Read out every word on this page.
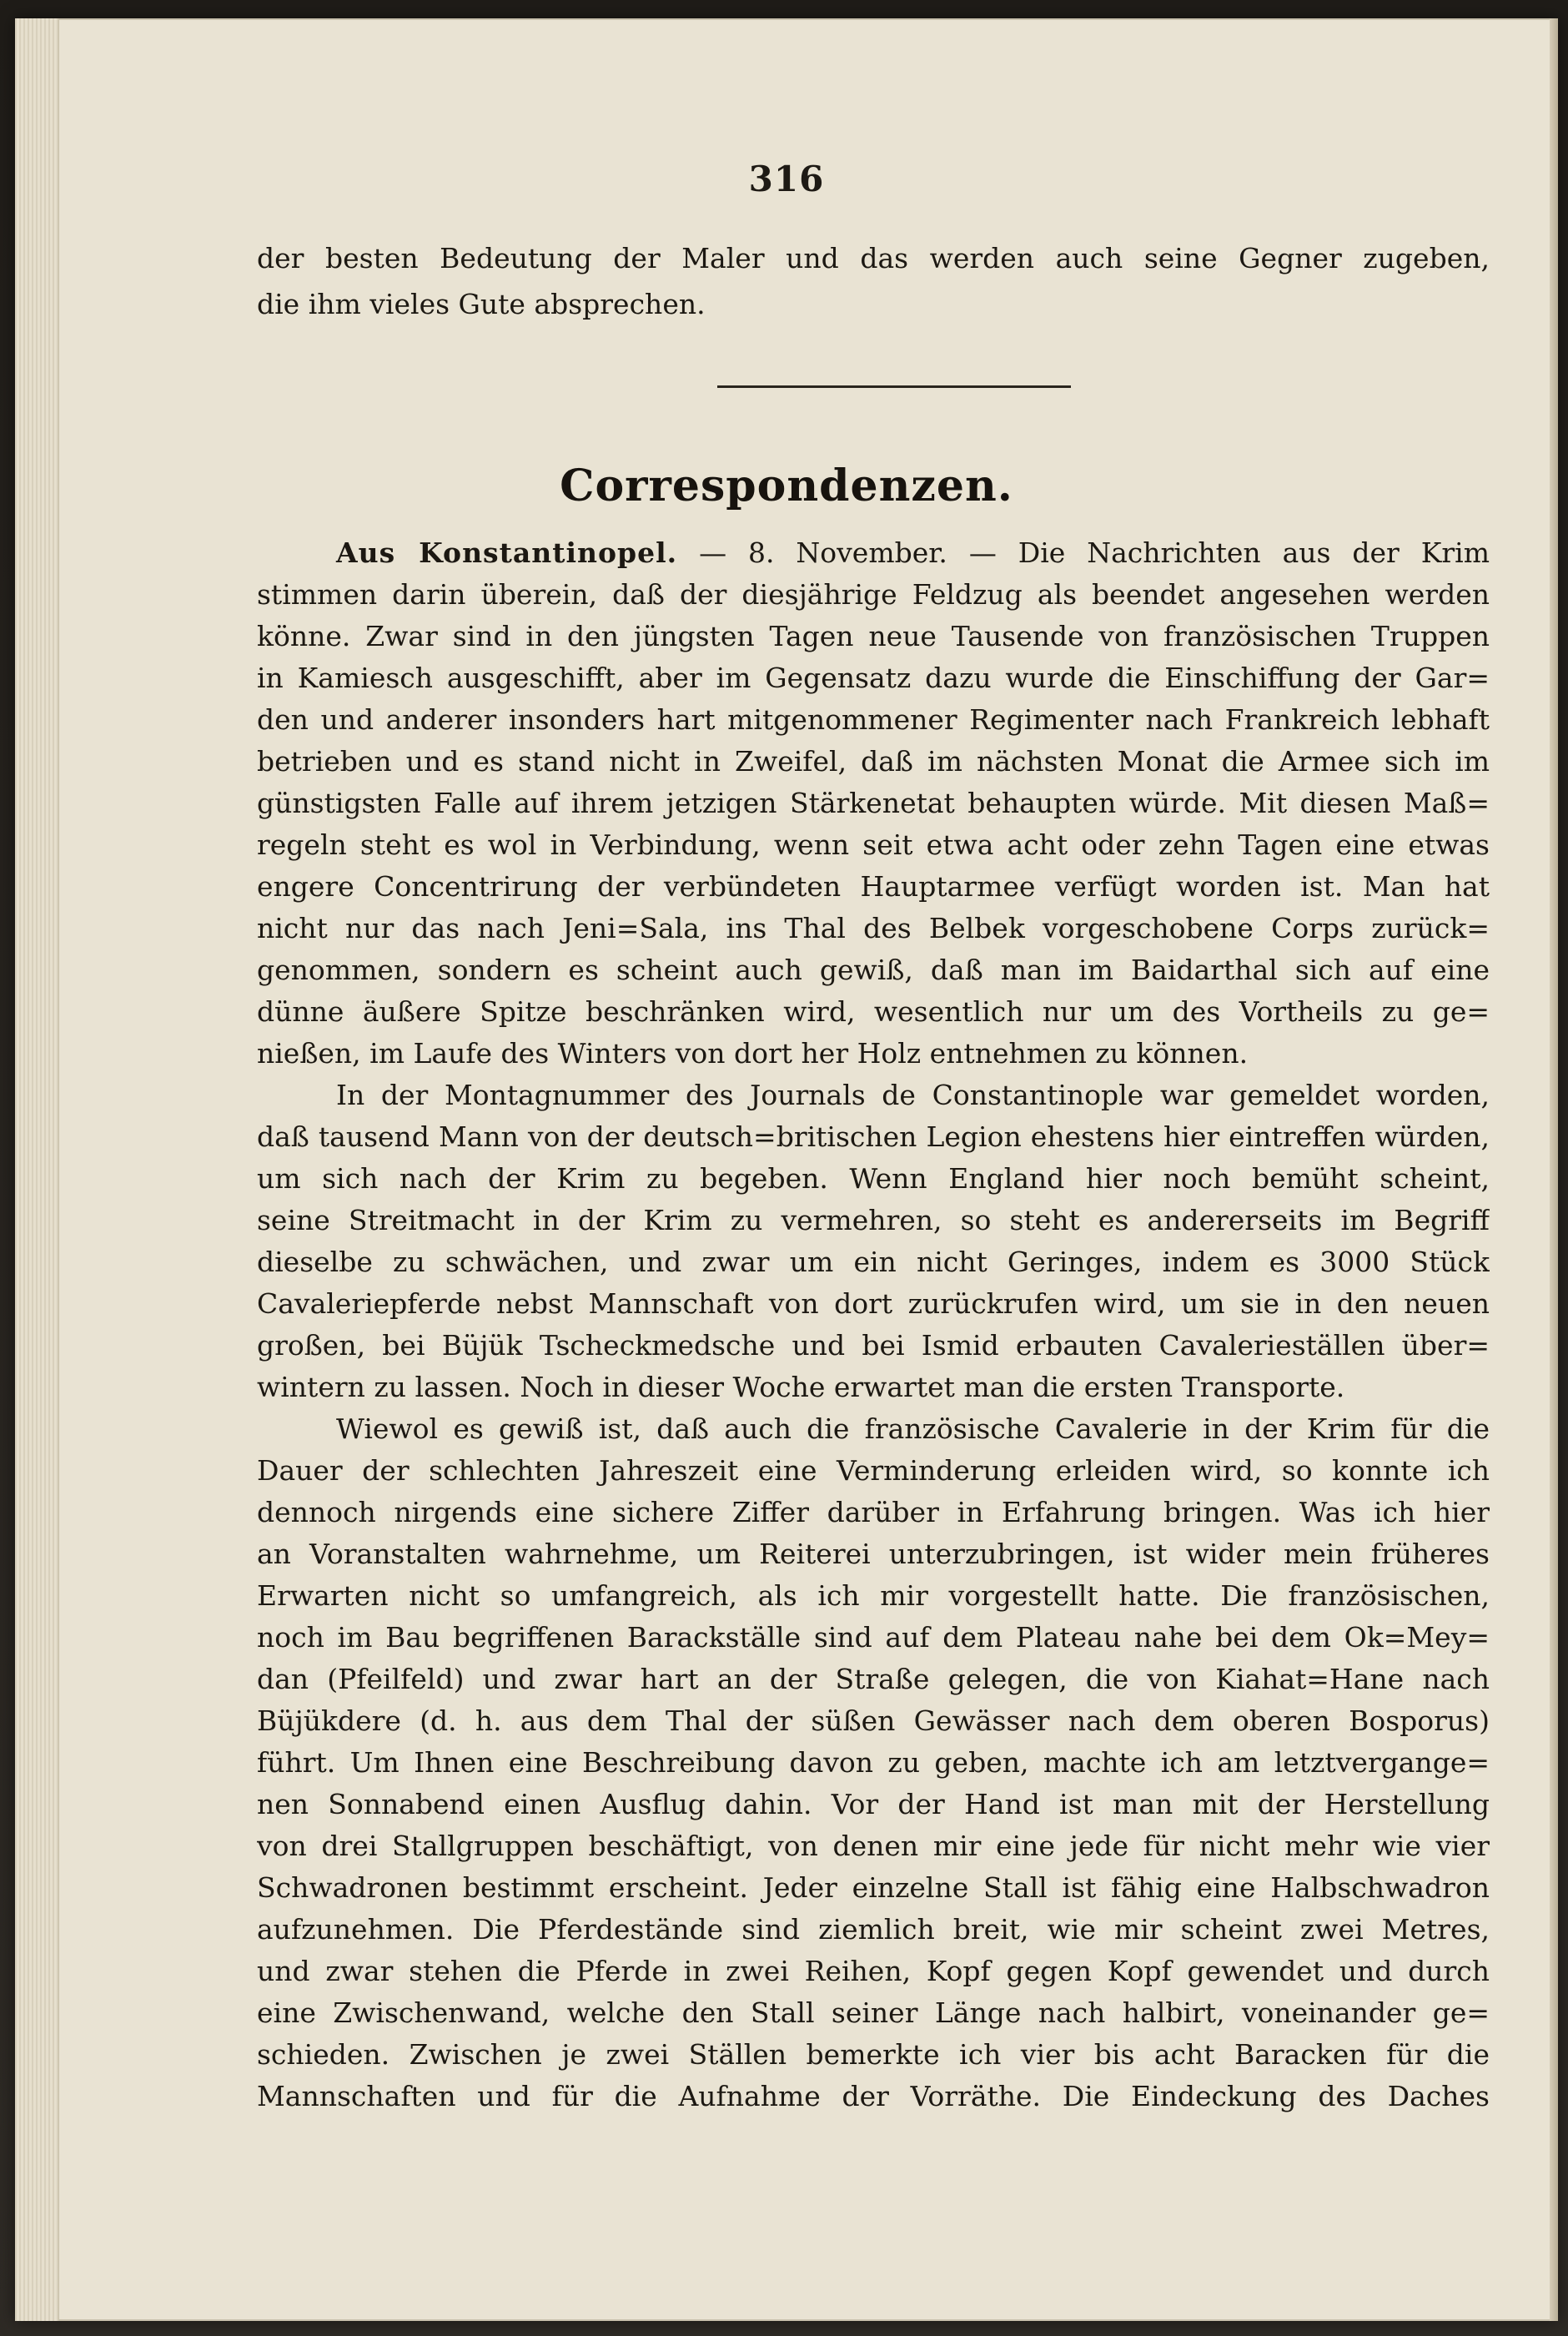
316
der besten Bedeutung der Maler und das werden auch seine Gegner zugeben,
die ihm vieles Gute absprechen.
Correspondenzen.
Aus Konstantinopel. — 8. November. — Die Nachrichten aus der Krim
stimmen darin überein, daß der diesjährige Feldzug als beendet angesehen werden
könne. Zwar sind in den jüngsten Tagen neue Tausende von französischen Truppen
in Kamiesch ausgeschifft, aber im Gegensatz dazu wurde die Einschiffung der Gar=
den und anderer insonders hart mitgenommener Regimenter nach Frankreich lebhaft
betrieben und es stand nicht in Zweifel, daß im nächsten Monat die Armee sich im
günstigsten Falle auf ihrem jetzigen Stärkenetat behaupten würde. Mit diesen Maß=
regeln steht es wol in Verbindung, wenn seit etwa acht oder zehn Tagen eine etwas
engere Concentrirung der verbündeten Hauptarmee verfügt worden ist. Man hat
nicht nur das nach Jeni=Sala, ins Thal des Belbek vorgeschobene Corps zurück=
genommen, sondern es scheint auch gewiß, daß man im Baidarthal sich auf eine
dünne äußere Spitze beschränken wird, wesentlich nur um des Vortheils zu ge=
nießen, im Laufe des Winters von dort her Holz entnehmen zu können.
In der Montagnummer des Journals de Constantinople war gemeldet worden,
daß tausend Mann von der deutsch=britischen Legion ehestens hier eintreffen würden,
um sich nach der Krim zu begeben. Wenn England hier noch bemüht scheint,
seine Streitmacht in der Krim zu vermehren, so steht es andererseits im Begriff
dieselbe zu schwächen, und zwar um ein nicht Geringes, indem es 3000 Stück
Cavaleriepferde nebst Mannschaft von dort zurückrufen wird, um sie in den neuen
großen, bei Büjük Tscheckmedsche und bei Ismid erbauten Cavalerieställen über=
wintern zu lassen. Noch in dieser Woche erwartet man die ersten Transporte.
Wiewol es gewiß ist, daß auch die französische Cavalerie in der Krim für die
Dauer der schlechten Jahreszeit eine Verminderung erleiden wird, so konnte ich
dennoch nirgends eine sichere Ziffer darüber in Erfahrung bringen. Was ich hier
an Voranstalten wahrnehme, um Reiterei unterzubringen, ist wider mein früheres
Erwarten nicht so umfangreich, als ich mir vorgestellt hatte. Die französischen,
noch im Bau begriffenen Barackställe sind auf dem Plateau nahe bei dem Ok=Mey=
dan (Pfeilfeld) und zwar hart an der Straße gelegen, die von Kiahat=Hane nach
Büjükdere (d. h. aus dem Thal der süßen Gewässer nach dem oberen Bosporus)
führt. Um Ihnen eine Beschreibung davon zu geben, machte ich am letztvergange=
nen Sonnabend einen Ausflug dahin. Vor der Hand ist man mit der Herstellung
von drei Stallgruppen beschäftigt, von denen mir eine jede für nicht mehr wie vier
Schwadronen bestimmt erscheint. Jeder einzelne Stall ist fähig eine Halbschwadron
aufzunehmen. Die Pferdestände sind ziemlich breit, wie mir scheint zwei Metres,
und zwar stehen die Pferde in zwei Reihen, Kopf gegen Kopf gewendet und durch
eine Zwischenwand, welche den Stall seiner Länge nach halbirt, voneinander ge=
schieden. Zwischen je zwei Ställen bemerkte ich vier bis acht Baracken für die
Mannschaften und für die Aufnahme der Vorräthe. Die Eindeckung des Daches
